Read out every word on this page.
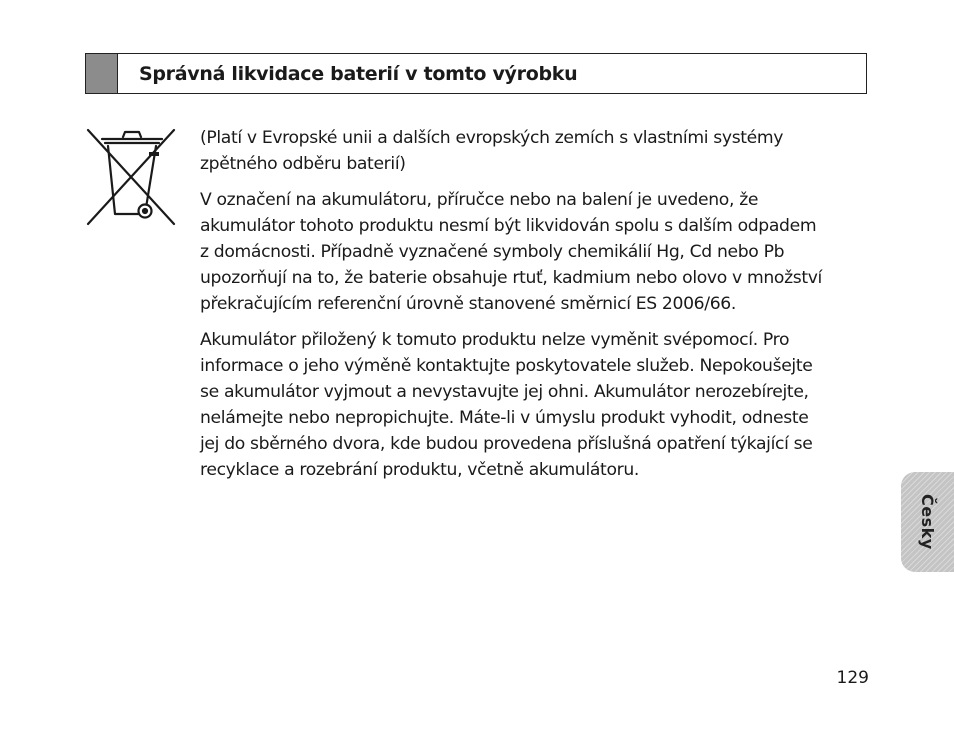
Správná likvidace baterií v tomto výrobku

(Platí v Evropské unii a dalších evropských zemích s vlastními systémy
zpětného odběru baterií)

V označení na akumulátoru, příručce nebo na balení je uvedeno, že
akumulátor tohoto produktu nesmí být likvidován spolu s dalším odpadem
z domácnosti. Případně vyznačené symboly chemikálií Hg, Cd nebo Pb
upozorňují na to, že baterie obsahuje rtuť, kadmium nebo olovo v množství
překračujícím referenční úrovně stanovené směrnicí ES 2006/66.

Akumulátor přiložený k tomuto produktu nelze vyměnit svépomocí. Pro
informace o jeho výměně kontaktujte poskytovatele služeb. Nepokoušejte
se akumulátor vyjmout a nevystavujte jej ohni. Akumulátor nerozebírejte,
nelámejte nebo nepropichujte. Máte-li v úmyslu produkt vyhodit, odneste
jej do sběrného dvora, kde budou provedena příslušná opatření týkající se
recyklace a rozebrání produktu, včetně akumulátoru.

Česky
129
